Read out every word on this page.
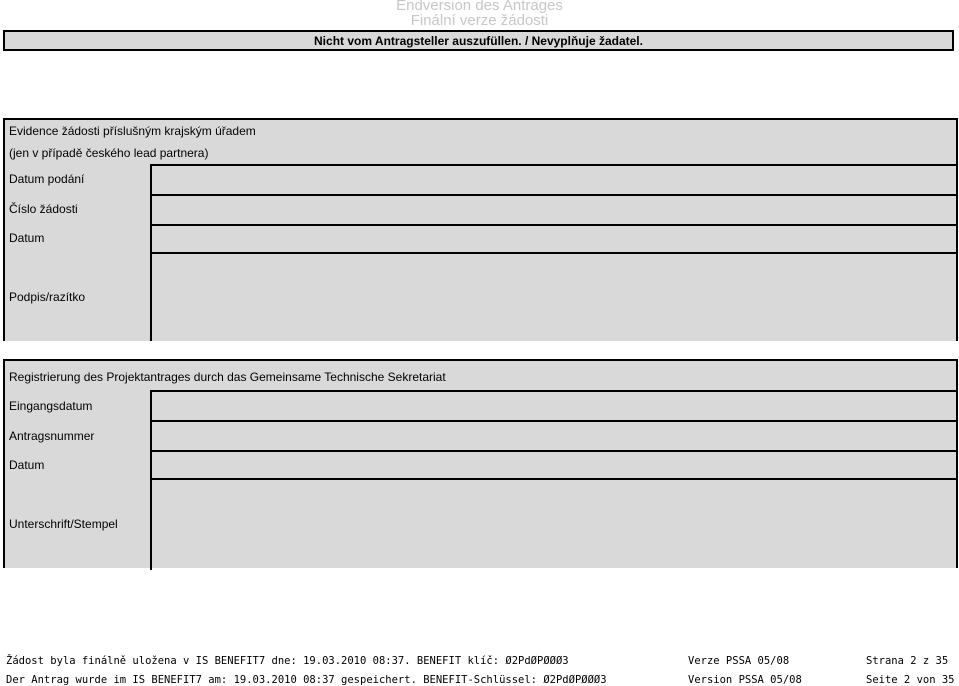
Endversion des Antrages
Finální verze žádosti
Nicht vom Antragsteller auszufüllen. / Nevyplňuje žadatel.
Evidence žádosti příslušným krajským úřadem
(jen v případě českého lead partnera)
Datum podání
Číslo žádosti
Datum
Podpis/razítko
Registrierung des Projektantrages durch das Gemeinsame Technische Sekretariat
Eingangsdatum
Antragsnummer
Datum
Unterschrift/Stempel
Žádost byla finálně uložena v IS BENEFIT7 dne: 19.03.2010 08:37. BENEFIT klíč: Ø2PdØPØØØ3	Verze PSSA 05/08	Strana 2 z 35
Der Antrag wurde im IS BENEFIT7 am: 19.03.2010 08:37 gespeichert. BENEFIT-Schlüssel: Ø2PdØPØØØ3	Version PSSA 05/08	Seite 2 von 35
